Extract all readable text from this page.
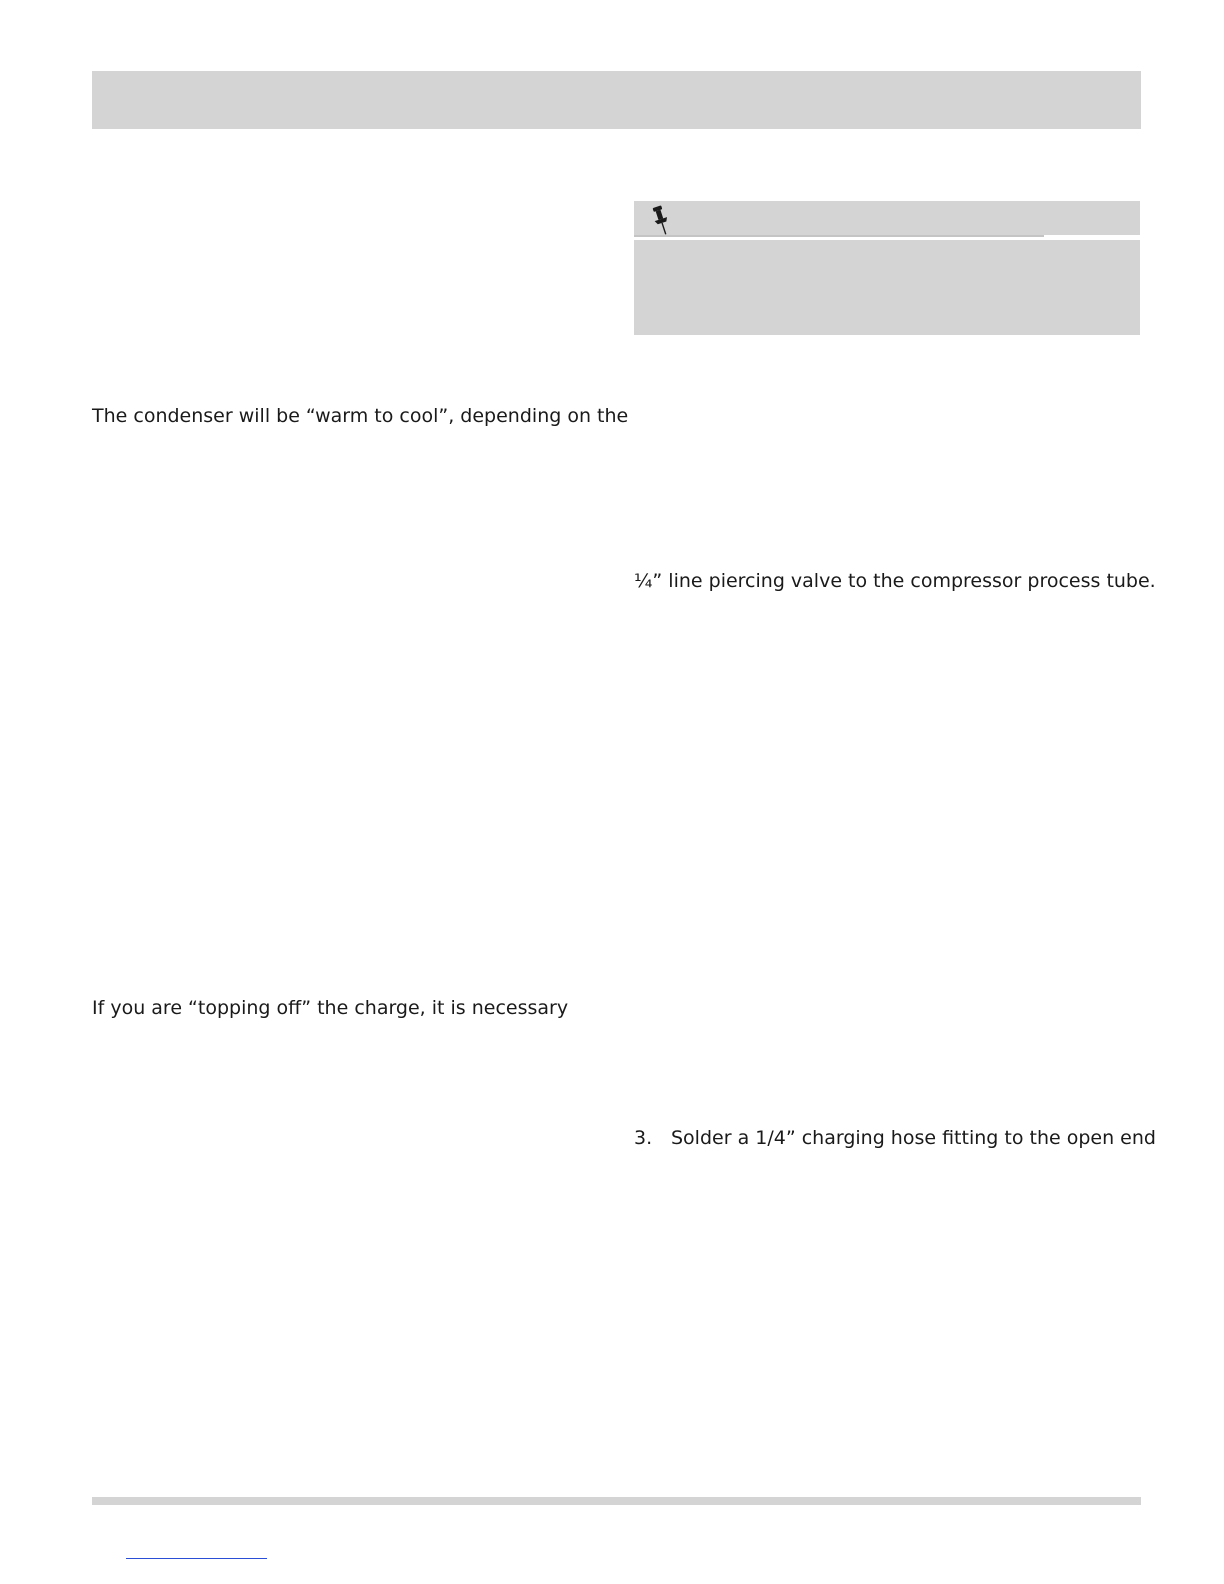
The condenser will be “warm to cool”, depending on the
If you are “topping off” the charge, it is necessary
¼” line piercing valve to the compressor process tube.
3. Solder a 1/4” charging hose fitting to the open end
